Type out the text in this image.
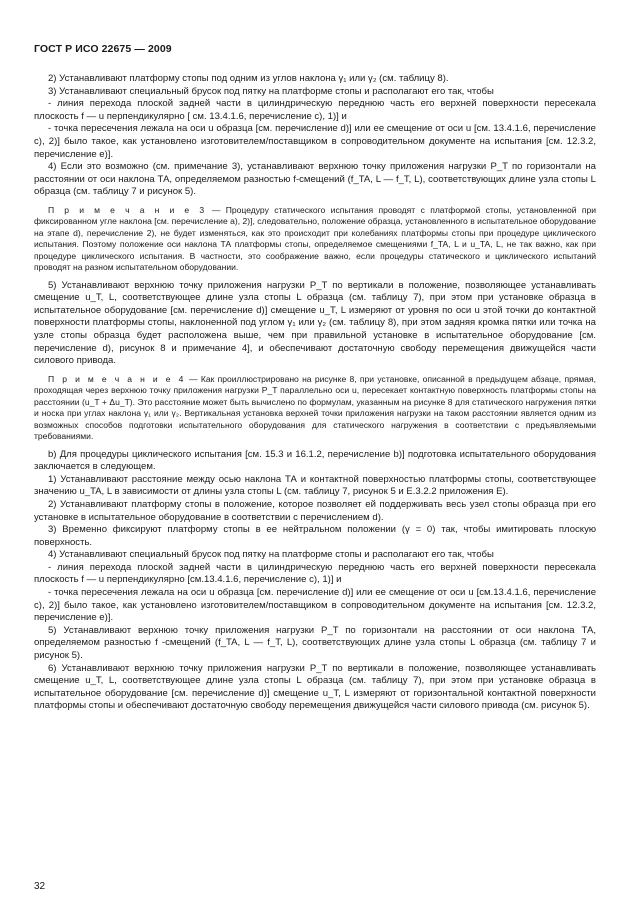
ГОСТ Р ИСО 22675 — 2009

2) Устанавливают платформу стопы под одним из углов наклона γ₁ или γ₂ (см. таблицу 8).

3) Устанавливают специальный брусок под пятку на платформе стопы и располагают его так, чтобы

- линия перехода плоской задней части в цилиндрическую переднюю часть его верхней поверхности пересекала плоскость f — u перпендикулярно [ см. 13.4.1.6, перечисление с), 1)] и

- точка пересечения лежала на оси u образца [см. перечисление d)] или ее смещение от оси u [см. 13.4.1.6, перечисление с), 2)] было такое, как установлено изготовителем/поставщиком в сопроводительном документе на испытания [см. 12.3.2, перечисление е)].

4) Если это возможно (см. примечание 3), устанавливают верхнюю точку приложения нагрузки P_T по горизонтали на расстоянии от оси наклона ТА, определяемом разностью f-смещений (f_TA, L — f_T, L), соответствующих длине узла стопы L образца (см. таблицу 7 и рисунок 5).

П р и м е ч а н и е 3 — Процедуру статического испытания проводят с платформой стопы, установленной при фиксированном угле наклона [см. перечисление а), 2)], следовательно, положение образца, установленного в испытательное оборудование на этапе d), перечисление 2), не будет изменяться, как это происходит при колебаниях платформы стопы при процедуре циклического испытания. Поэтому положение оси наклона ТА платформы стопы, определяемое смещениями f_TA, L и u_TA, L, не так важно, как при процедуре циклического испытания. В частности, это соображение важно, если процедуры статического и циклического испытаний проводят на разном испытательном оборудовании.

5) Устанавливают верхнюю точку приложения нагрузки P_T по вертикали в положение, позволяющее устанавливать смещение u_T, L, соответствующее длине узла стопы L образца (см. таблицу 7), при этом при установке образца в испытательное оборудование [см. перечисление d)] смещение u_T, L измеряют от уровня по оси u этой точки до контактной поверхности платформы стопы, наклоненной под углом γ₁ или γ₂ (см. таблицу 8), при этом задняя кромка пятки или точка на узле стопы образца будет расположена выше, чем при правильной установке в испытательное оборудование [см. перечисление d), рисунок 8 и примечание 4], и обеспечивают достаточную свободу перемещения движущейся части силового привода.

П р и м е ч а н и е 4 — Как проиллюстрировано на рисунке 8, при установке, описанной в предыдущем абзаце, прямая, проходящая через верхнюю точку приложения нагрузки P_T параллельно оси u, пересекает контактную поверхность платформы стопы на расстоянии (u_T + Δu_T). Это расстояние может быть вычислено по формулам, указанным на рисунке 8 для статического нагружения пятки и носка при углах наклона γ₁ или γ₂. Вертикальная установка верхней точки приложения нагрузки на таком расстоянии является одним из возможных способов подготовки испытательного оборудования для статического нагружения в соответствии с предъявляемыми требованиями.

b) Для процедуры циклического испытания [см. 15.3 и 16.1.2, перечисление b)] подготовка испытательного оборудования заключается в следующем.

1) Устанавливают расстояние между осью наклона ТА и контактной поверхностью платформы стопы, соответствующее значению u_TA, L в зависимости от длины узла стопы L (см. таблицу 7, рисунок 5 и Е.3.2.2 приложения Е).

2) Устанавливают платформу стопы в положение, которое позволяет ей поддерживать весь узел стопы образца при его установке в испытательное оборудование в соответствии с перечислением d).

3) Временно фиксируют платформу стопы в ее нейтральном положении (γ = 0) так, чтобы имитировать плоскую поверхность.

4) Устанавливают специальный брусок под пятку на платформе стопы и располагают его так, чтобы

- линия перехода плоской задней части в цилиндрическую переднюю часть его верхней поверхности пересекала плоскость f — u перпендикулярно [см.13.4.1.6, перечисление с), 1)] и

- точка пересечения лежала на оси u образца [см. перечисление d)] или ее смещение от оси u [см.13.4.1.6, перечисление с), 2)] было такое, как установлено изготовителем/поставщиком в сопроводительном документе на испытания [см. 12.3.2, перечисление е)].

5) Устанавливают верхнюю точку приложения нагрузки P_T по горизонтали на расстоянии от оси наклона ТА, определяемом разностью f -смещений (f_TA, L — f_T, L), соответствующих длине узла стопы L образца (см. таблицу 7 и рисунок 5).

6) Устанавливают верхнюю точку приложения нагрузки P_T по вертикали в положение, позволяющее устанавливать смещение u_T, L, соответствующее длине узла стопы L образца (см. таблицу 7), при этом при установке образца в испытательное оборудование [см. перечисление d)] смещение u_T, L измеряют от горизонтальной контактной поверхности платформы стопы и обеспечивают достаточную свободу перемещения движущейся части силового привода (см. рисунок 5).

32
